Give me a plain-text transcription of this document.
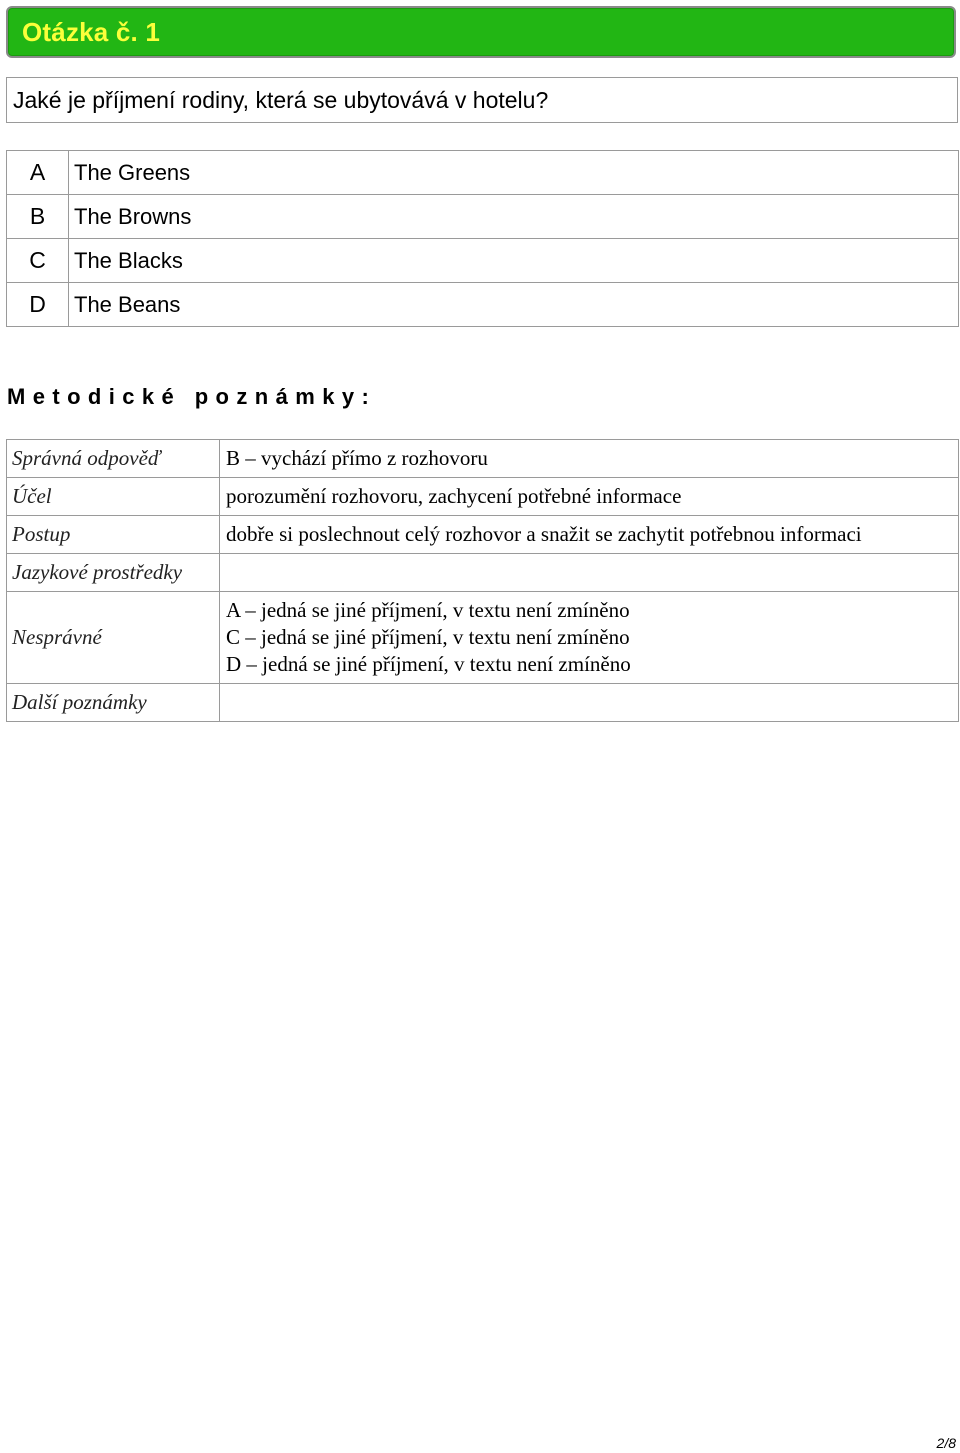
Otázka č. 1
Jaké je příjmení rodiny, která se ubytovává v hotelu?
A	The Greens
B	The Browns
C	The Blacks
D	The Beans
Metodické poznámky:
Správná odpověď	B – vychází přímo z rozhovoru
Účel	porozumění rozhovoru, zachycení potřebné informace
Postup	dobře si poslechnout celý rozhovor a snažit se zachytit potřebnou informaci
Jazykové prostředky	
Nesprávné	A – jedná se jiné příjmení, v textu není zmíněno
C – jedná se jiné příjmení, v textu není zmíněno
D – jedná se jiné příjmení, v textu není zmíněno

Další poznámky	
2/8
